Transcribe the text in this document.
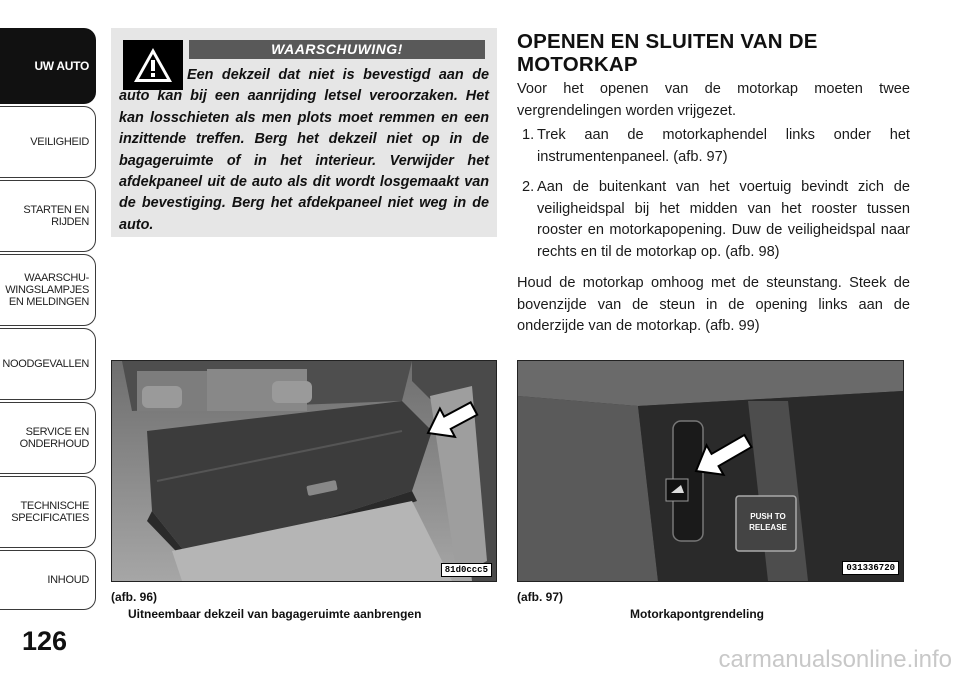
UW AUTO
VEILIGHEID
STARTEN EN
RIJDEN
WAARSCHU-
WINGSLAMPJES
EN MELDINGEN
NOODGEVALLEN
SERVICE EN
ONDERHOUD
TECHNISCHE
SPECIFICATIES
INHOUD
126
WAARSCHUWING!
Een dekzeil dat niet is bevestigd aan de auto kan bij een aanrijding letsel veroorzaken. Het kan losschieten als men plots moet remmen en een inzittende treffen. Berg het dekzeil niet op in de bagageruimte of in het interieur. Verwijder het afdekpaneel uit de auto als dit wordt losgemaakt van de bevestiging. Berg het afdekpaneel niet weg in de auto.
OPENEN EN SLUITEN VAN DE MOTORKAP
Voor het openen van de motorkap moeten twee vergrendelingen worden vrijgezet.
1. Trek aan de motorkaphendel links onder het instrumentenpaneel. (afb. 97)
2. Aan de buitenkant van het voertuig bevindt zich de veiligheidspal bij het midden van het rooster tussen rooster en motorkapopening. Duw de veiligheidspal naar rechts en til de motorkap op. (afb. 98)
Houd de motorkap omhoog met de steunstang. Steek de bovenzijde van de steun in de opening links aan de onderzijde van de motorkap. (afb. 99)
81d0ccc5
(afb. 96)
Uitneembaar dekzeil van bagageruimte aanbrengen
PUSH TO
RELEASE
031336720
(afb. 97)
Motorkapontgrendeling
carmanualsonline.info
